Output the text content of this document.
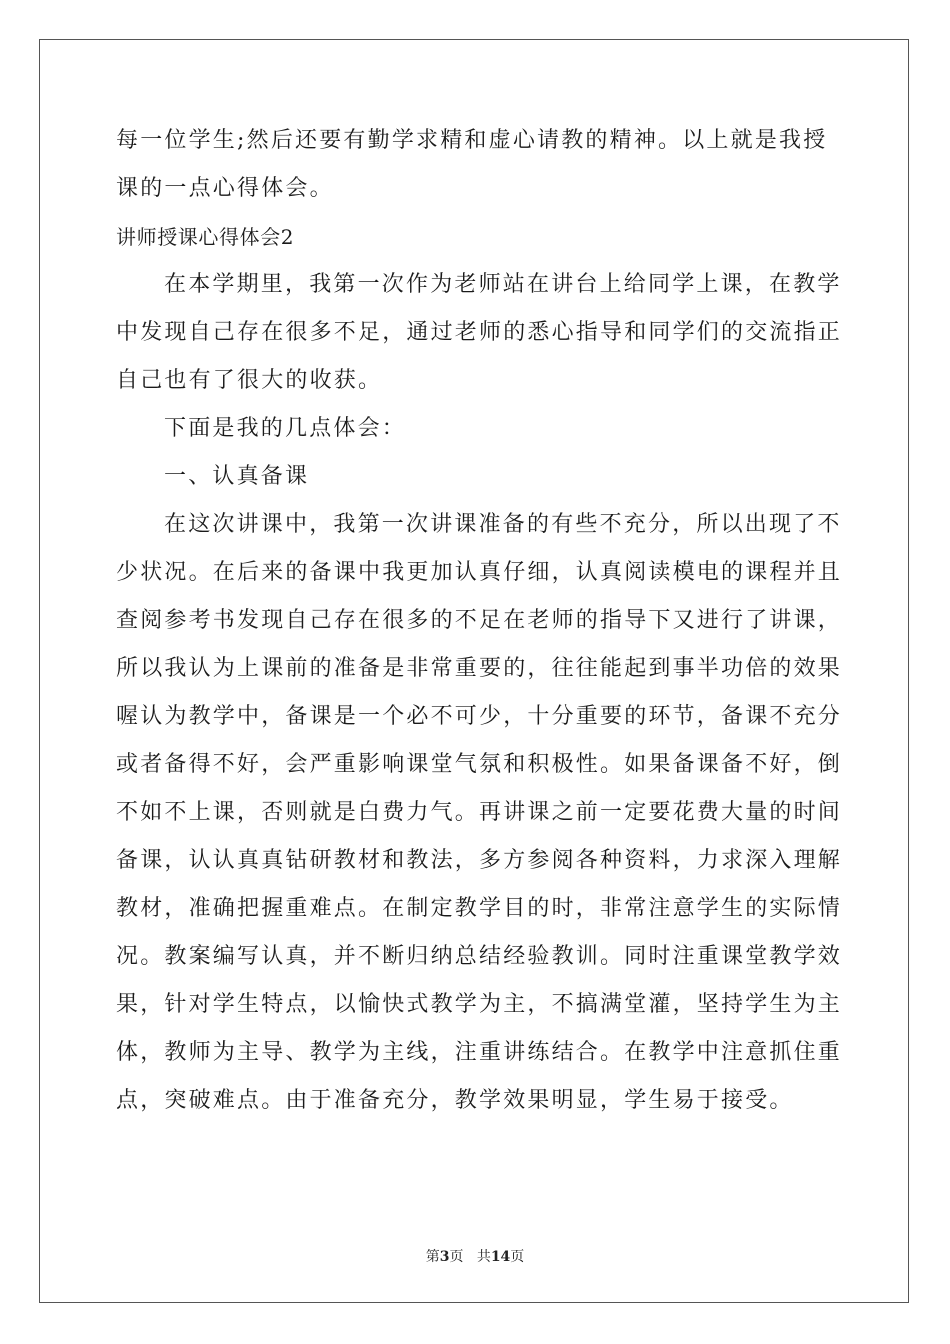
每一位学生;然后还要有勤学求精和虚心请教的精神。以上就是我授
课的一点心得体会。
讲师授课心得体会2
在本学期里，我第一次作为老师站在讲台上给同学上课，在教学
中发现自己存在很多不足，通过老师的悉心指导和同学们的交流指正
自己也有了很大的收获。
下面是我的几点体会：
一、认真备课
在这次讲课中，我第一次讲课准备的有些不充分，所以出现了不
少状况。在后来的备课中我更加认真仔细，认真阅读模电的课程并且
查阅参考书发现自己存在很多的不足在老师的指导下又进行了讲课，
所以我认为上课前的准备是非常重要的，往往能起到事半功倍的效果
喔认为教学中，备课是一个必不可少，十分重要的环节，备课不充分
或者备得不好，会严重影响课堂气氛和积极性。如果备课备不好，倒
不如不上课，否则就是白费力气。再讲课之前一定要花费大量的时间
备课，认认真真钻研教材和教法，多方参阅各种资料，力求深入理解
教材，准确把握重难点。在制定教学目的时，非常注意学生的实际情
况。教案编写认真，并不断归纳总结经验教训。同时注重课堂教学效
果，针对学生特点，以愉快式教学为主，不搞满堂灌，坚持学生为主
体，教师为主导、教学为主线，注重讲练结合。在教学中注意抓住重
点，突破难点。由于准备充分，教学效果明显，学生易于接受。
第3页 共14页
